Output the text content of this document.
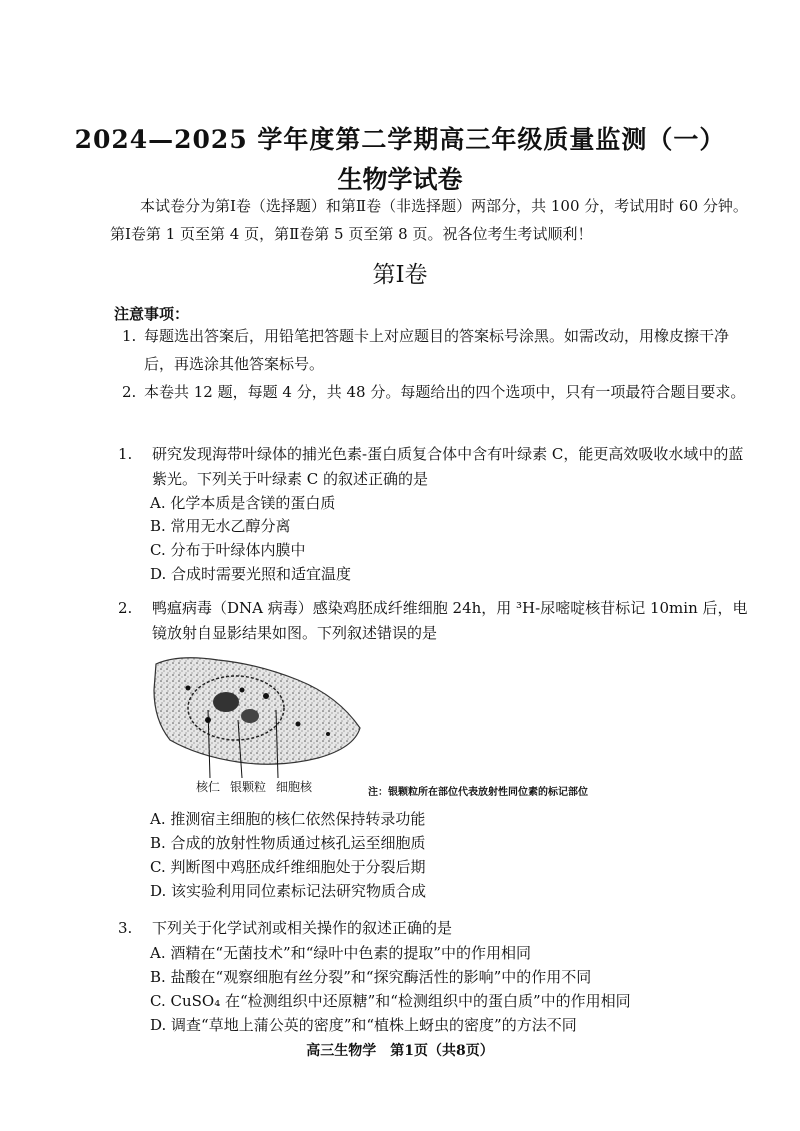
2024—2025 学年度第二学期高三年级质量监测（一）
生物学试卷
本试卷分为第Ⅰ卷（选择题）和第Ⅱ卷（非选择题）两部分，共 100 分，考试用时 60 分钟。第Ⅰ卷第 1 页至第 4 页，第Ⅱ卷第 5 页至第 8 页。祝各位考生考试顺利！
第Ⅰ卷
注意事项：
1. 每题选出答案后，用铅笔把答题卡上对应题目的答案标号涂黑。如需改动，用橡皮擦干净后，再选涂其他答案标号。
2. 本卷共 12 题，每题 4 分，共 48 分。每题给出的四个选项中，只有一项最符合题目要求。
1.	研究发现海带叶绿体的捕光色素-蛋白质复合体中含有叶绿素 C，能更高效吸收水域中的蓝紫光。下列关于叶绿素 C 的叙述正确的是
A. 化学本质是含镁的蛋白质
B. 常用无水乙醇分离
C. 分布于叶绿体内膜中
D. 合成时需要光照和适宜温度
2.	鸭瘟病毒（DNA 病毒）感染鸡胚成纤维细胞 24h，用 ³H-尿嘧啶核苷标记 10min 后，电镜放射自显影结果如图。下列叙述错误的是
核仁 银颗粒 细胞核	注：银颗粒所在部位代表放射性同位素的标记部位
A. 推测宿主细胞的核仁依然保持转录功能
B. 合成的放射性物质通过核孔运至细胞质
C. 判断图中鸡胚成纤维细胞处于分裂后期
D. 该实验利用同位素标记法研究物质合成
3.	下列关于化学试剂或相关操作的叙述正确的是
A. 酒精在“无菌技术”和“绿叶中色素的提取”中的作用相同
B. 盐酸在“观察细胞有丝分裂”和“探究酶活性的影响”中的作用不同
C. CuSO₄ 在“检测组织中还原糖”和“检测组织中的蛋白质”中的作用相同
D. 调查“草地上蒲公英的密度”和“植株上蚜虫的密度”的方法不同
高三生物学　第1页（共8页）
